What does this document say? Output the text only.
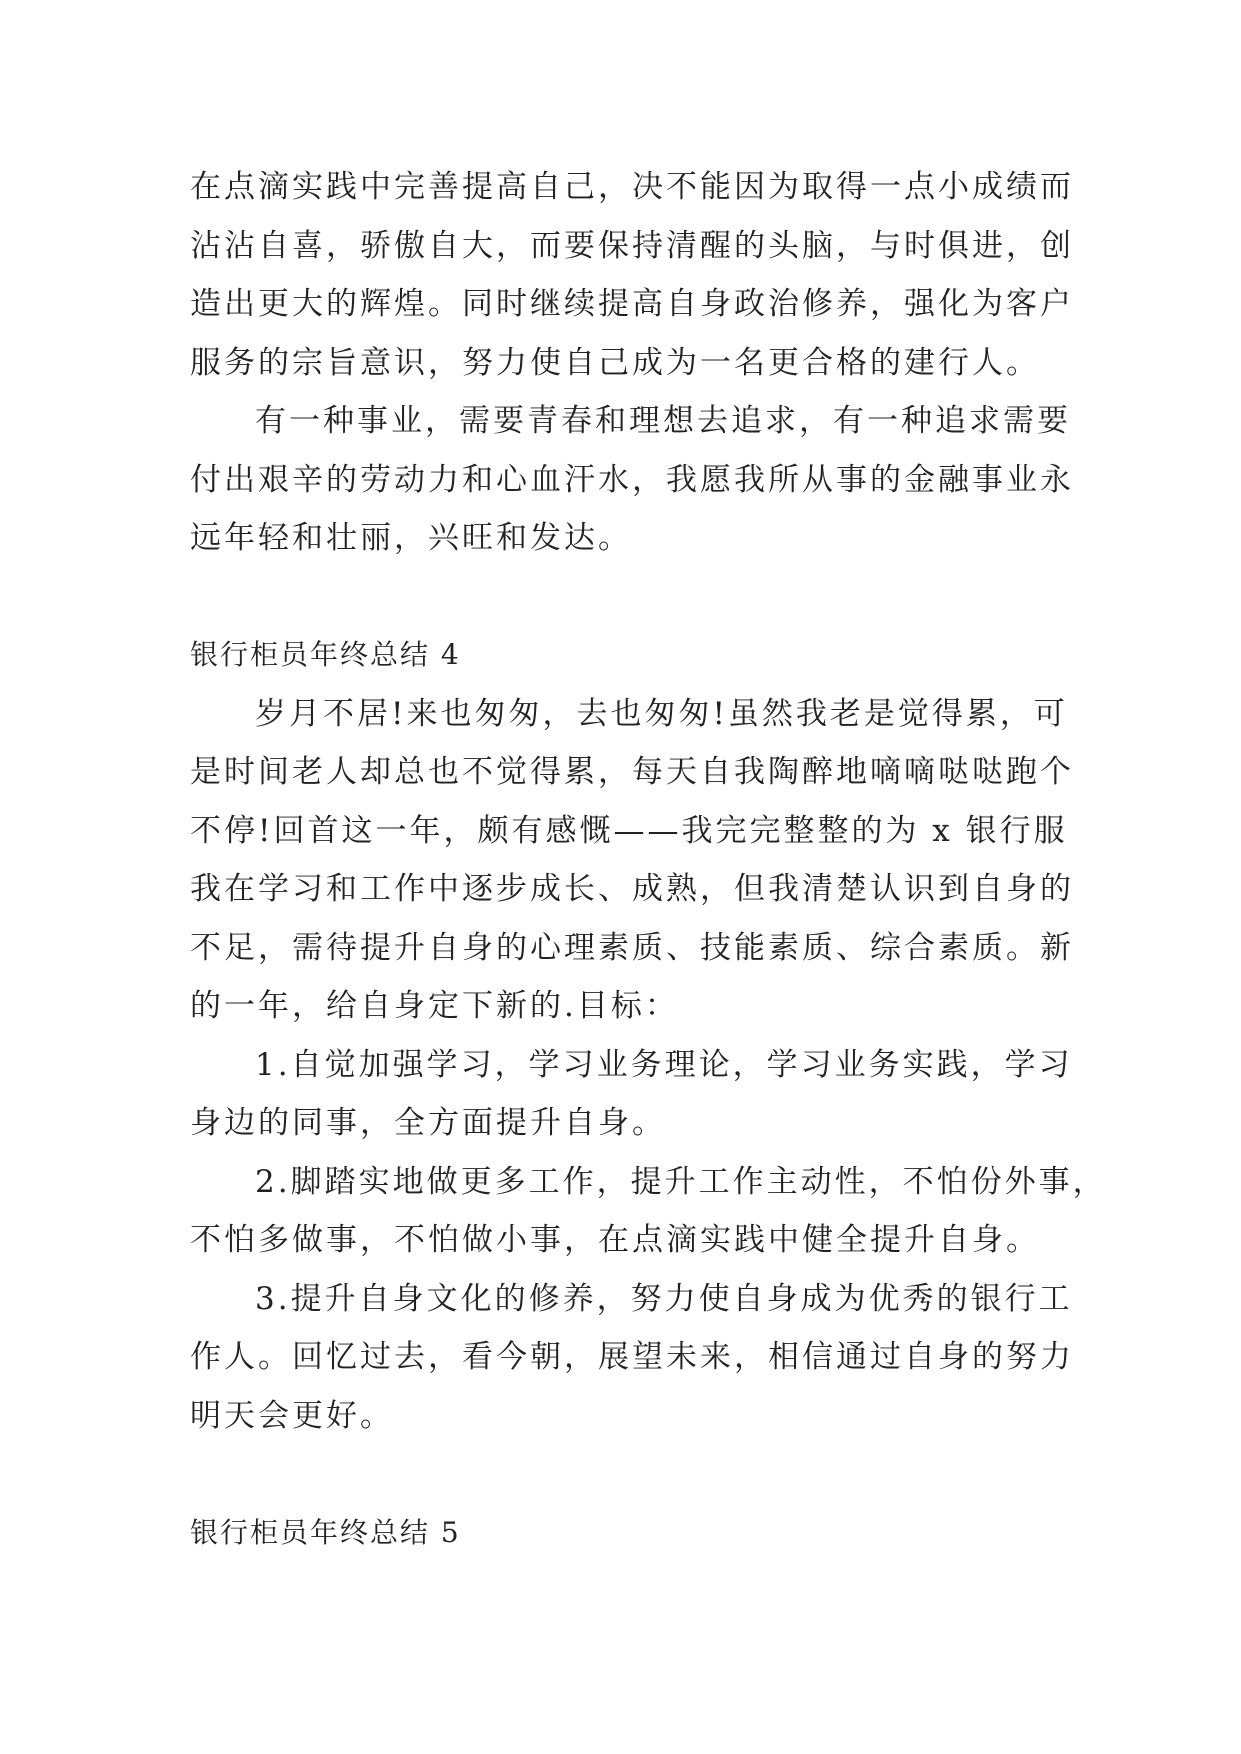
在点滴实践中完善提高自己，决不能因为取得一点小成绩而
沾沾自喜，骄傲自大，而要保持清醒的头脑，与时俱进，创
造出更大的辉煌。同时继续提高自身政治修养，强化为客户
服务的宗旨意识，努力使自己成为一名更合格的建行人。
有一种事业，需要青春和理想去追求，有一种追求需要
付出艰辛的劳动力和心血汗水，我愿我所从事的金融事业永
远年轻和壮丽，兴旺和发达。
银行柜员年终总结 4
岁月不居!来也匆匆，去也匆匆!虽然我老是觉得累，可
是时间老人却总也不觉得累，每天自我陶醉地嘀嘀哒哒跑个
不停!回首这一年，颇有感慨——我完完整整的为 x 银行服
我在学习和工作中逐步成长、成熟，但我清楚认识到自身的
不足，需待提升自身的心理素质、技能素质、综合素质。新
的一年，给自身定下新的.目标：
1.自觉加强学习，学习业务理论，学习业务实践，学习
身边的同事，全方面提升自身。
2.脚踏实地做更多工作，提升工作主动性，不怕份外事，
不怕多做事，不怕做小事，在点滴实践中健全提升自身。
3.提升自身文化的修养，努力使自身成为优秀的银行工
作人。回忆过去，看今朝，展望未来，相信通过自身的努力
明天会更好。
银行柜员年终总结 5
